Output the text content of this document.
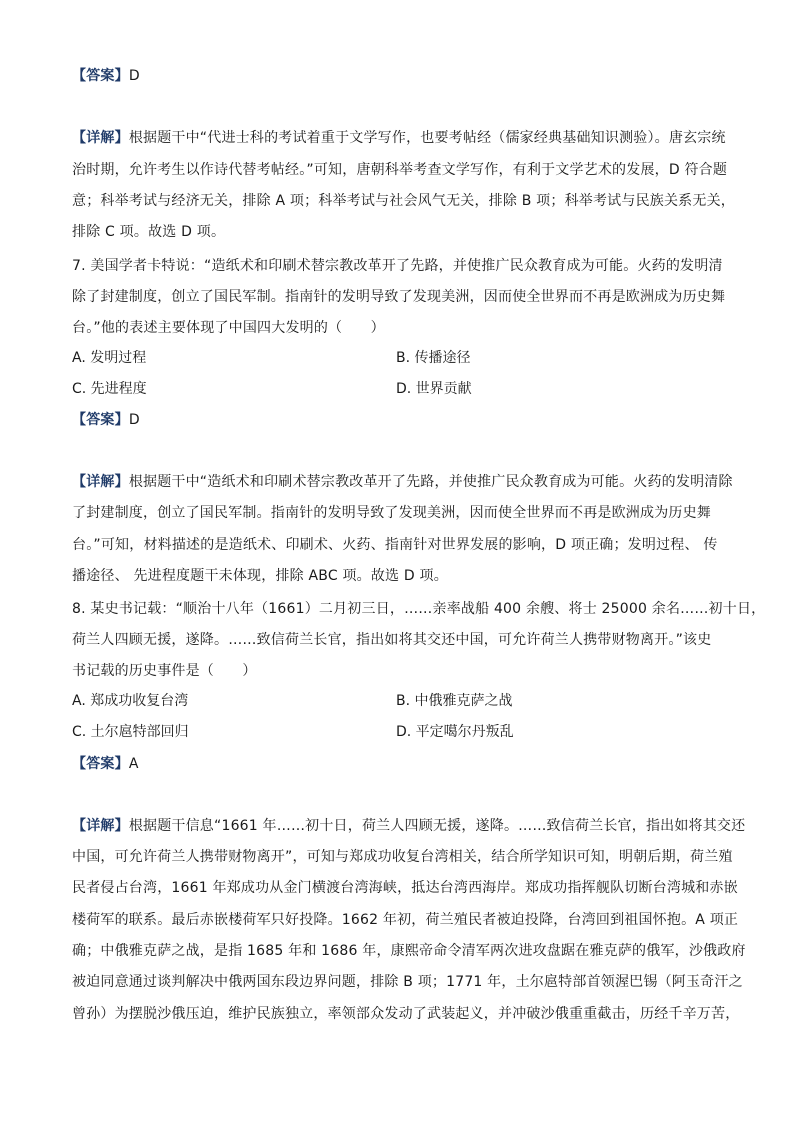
【答案】D
【详解】根据题干中“代进士科的考试着重于文学写作，也要考帖经（儒家经典基础知识测验）。唐玄宗统
治时期，允许考生以作诗代替考帖经。”可知，唐朝科举考查文学写作，有利于文学艺术的发展，D 符合题
意；科举考试与经济无关，排除 A 项；科举考试与社会风气无关，排除 B 项；科举考试与民族关系无关，
排除 C 项。故选 D 项。
7. 美国学者卡特说：“造纸术和印刷术替宗教改革开了先路，并使推广民众教育成为可能。火药的发明清
除了封建制度，创立了国民军制。指南针的发明导致了发现美洲，因而使全世界而不再是欧洲成为历史舞
台。”他的表述主要体现了中国四大发明的（　　）
A. 发明过程	B. 传播途径
C. 先进程度	D. 世界贡献
【答案】D
【详解】根据题干中“造纸术和印刷术替宗教改革开了先路，并使推广民众教育成为可能。火药的发明清除
了封建制度，创立了国民军制。指南针的发明导致了发现美洲，因而使全世界而不再是欧洲成为历史舞
台。”可知，材料描述的是造纸术、印刷术、火药、指南针对世界发展的影响，D 项正确；发明过程、 传
播途径、 先进程度题干未体现，排除 ABC 项。故选 D 项。
8. 某史书记载：“顺治十八年（1661）二月初三日，……亲率战船 400 余艘、将士 25000 余名……初十日，
荷兰人四顾无援，遂降。……致信荷兰长官，指出如将其交还中国，可允许荷兰人携带财物离开。”该史
书记载的历史事件是（　　）
A. 郑成功收复台湾	B. 中俄雅克萨之战
C. 土尔扈特部回归	D. 平定噶尔丹叛乱
【答案】A
【详解】根据题干信息“1661 年……初十日，荷兰人四顾无援，遂降。……致信荷兰长官，指出如将其交还
中国，可允许荷兰人携带财物离开”，可知与郑成功收复台湾相关，结合所学知识可知，明朝后期，荷兰殖
民者侵占台湾，1661 年郑成功从金门横渡台湾海峡，抵达台湾西海岸。郑成功指挥舰队切断台湾城和赤嵌
楼荷军的联系。最后赤嵌楼荷军只好投降。1662 年初，荷兰殖民者被迫投降，台湾回到祖国怀抱。A 项正
确；中俄雅克萨之战，是指 1685 年和 1686 年，康熙帝命令清军两次进攻盘踞在雅克萨的俄军，沙俄政府
被迫同意通过谈判解决中俄两国东段边界问题，排除 B 项；1771 年，土尔扈特部首领渥巴锡（阿玉奇汗之
曾孙）为摆脱沙俄压迫，维护民族独立，率领部众发动了武装起义，并冲破沙俄重重截击，历经千辛万苦，
